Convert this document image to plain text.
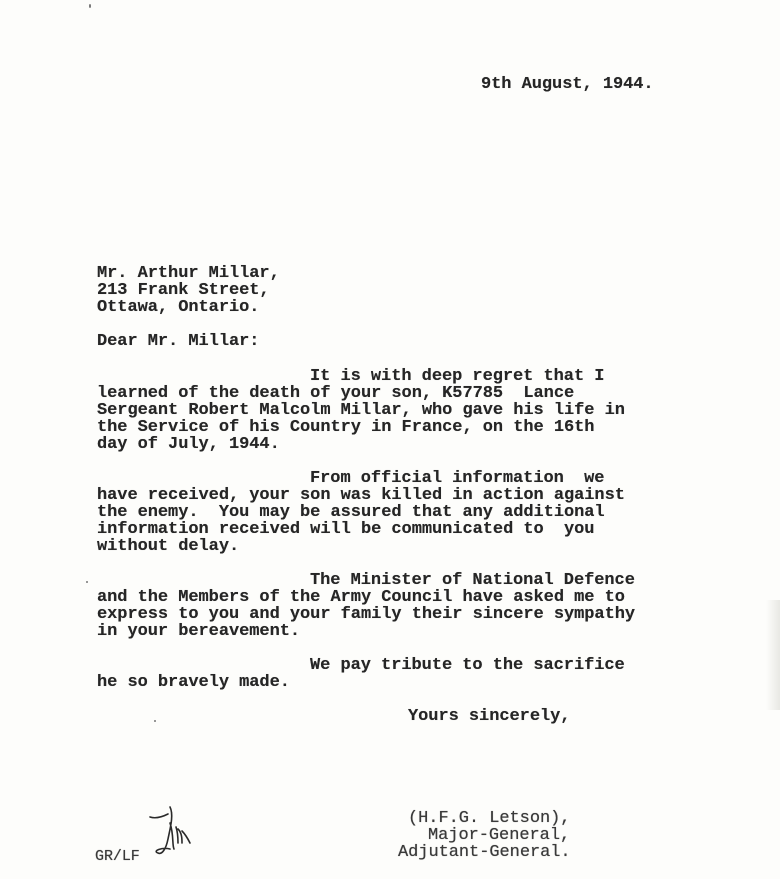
9th August, 1944.
Mr. Arthur Millar,
213 Frank Street,
Ottawa, Ontario.
Dear Mr. Millar:
It is with deep regret that I
learned of the death of your son, K57785  Lance
Sergeant Robert Malcolm Millar, who gave his life in
the Service of his Country in France, on the 16th
day of July, 1944.
From official information  we
have received, your son was killed in action against
the enemy.  You may be assured that any additional
information received will be communicated to  you
without delay.
The Minister of National Defence
and the Members of the Army Council have asked me to
express to you and your family their sincere sympathy
in your bereavement.
We pay tribute to the sacrifice
he so bravely made.
Yours sincerely,
(H.F.G. Letson),
Major-General,
Adjutant-General.
GR/LF
